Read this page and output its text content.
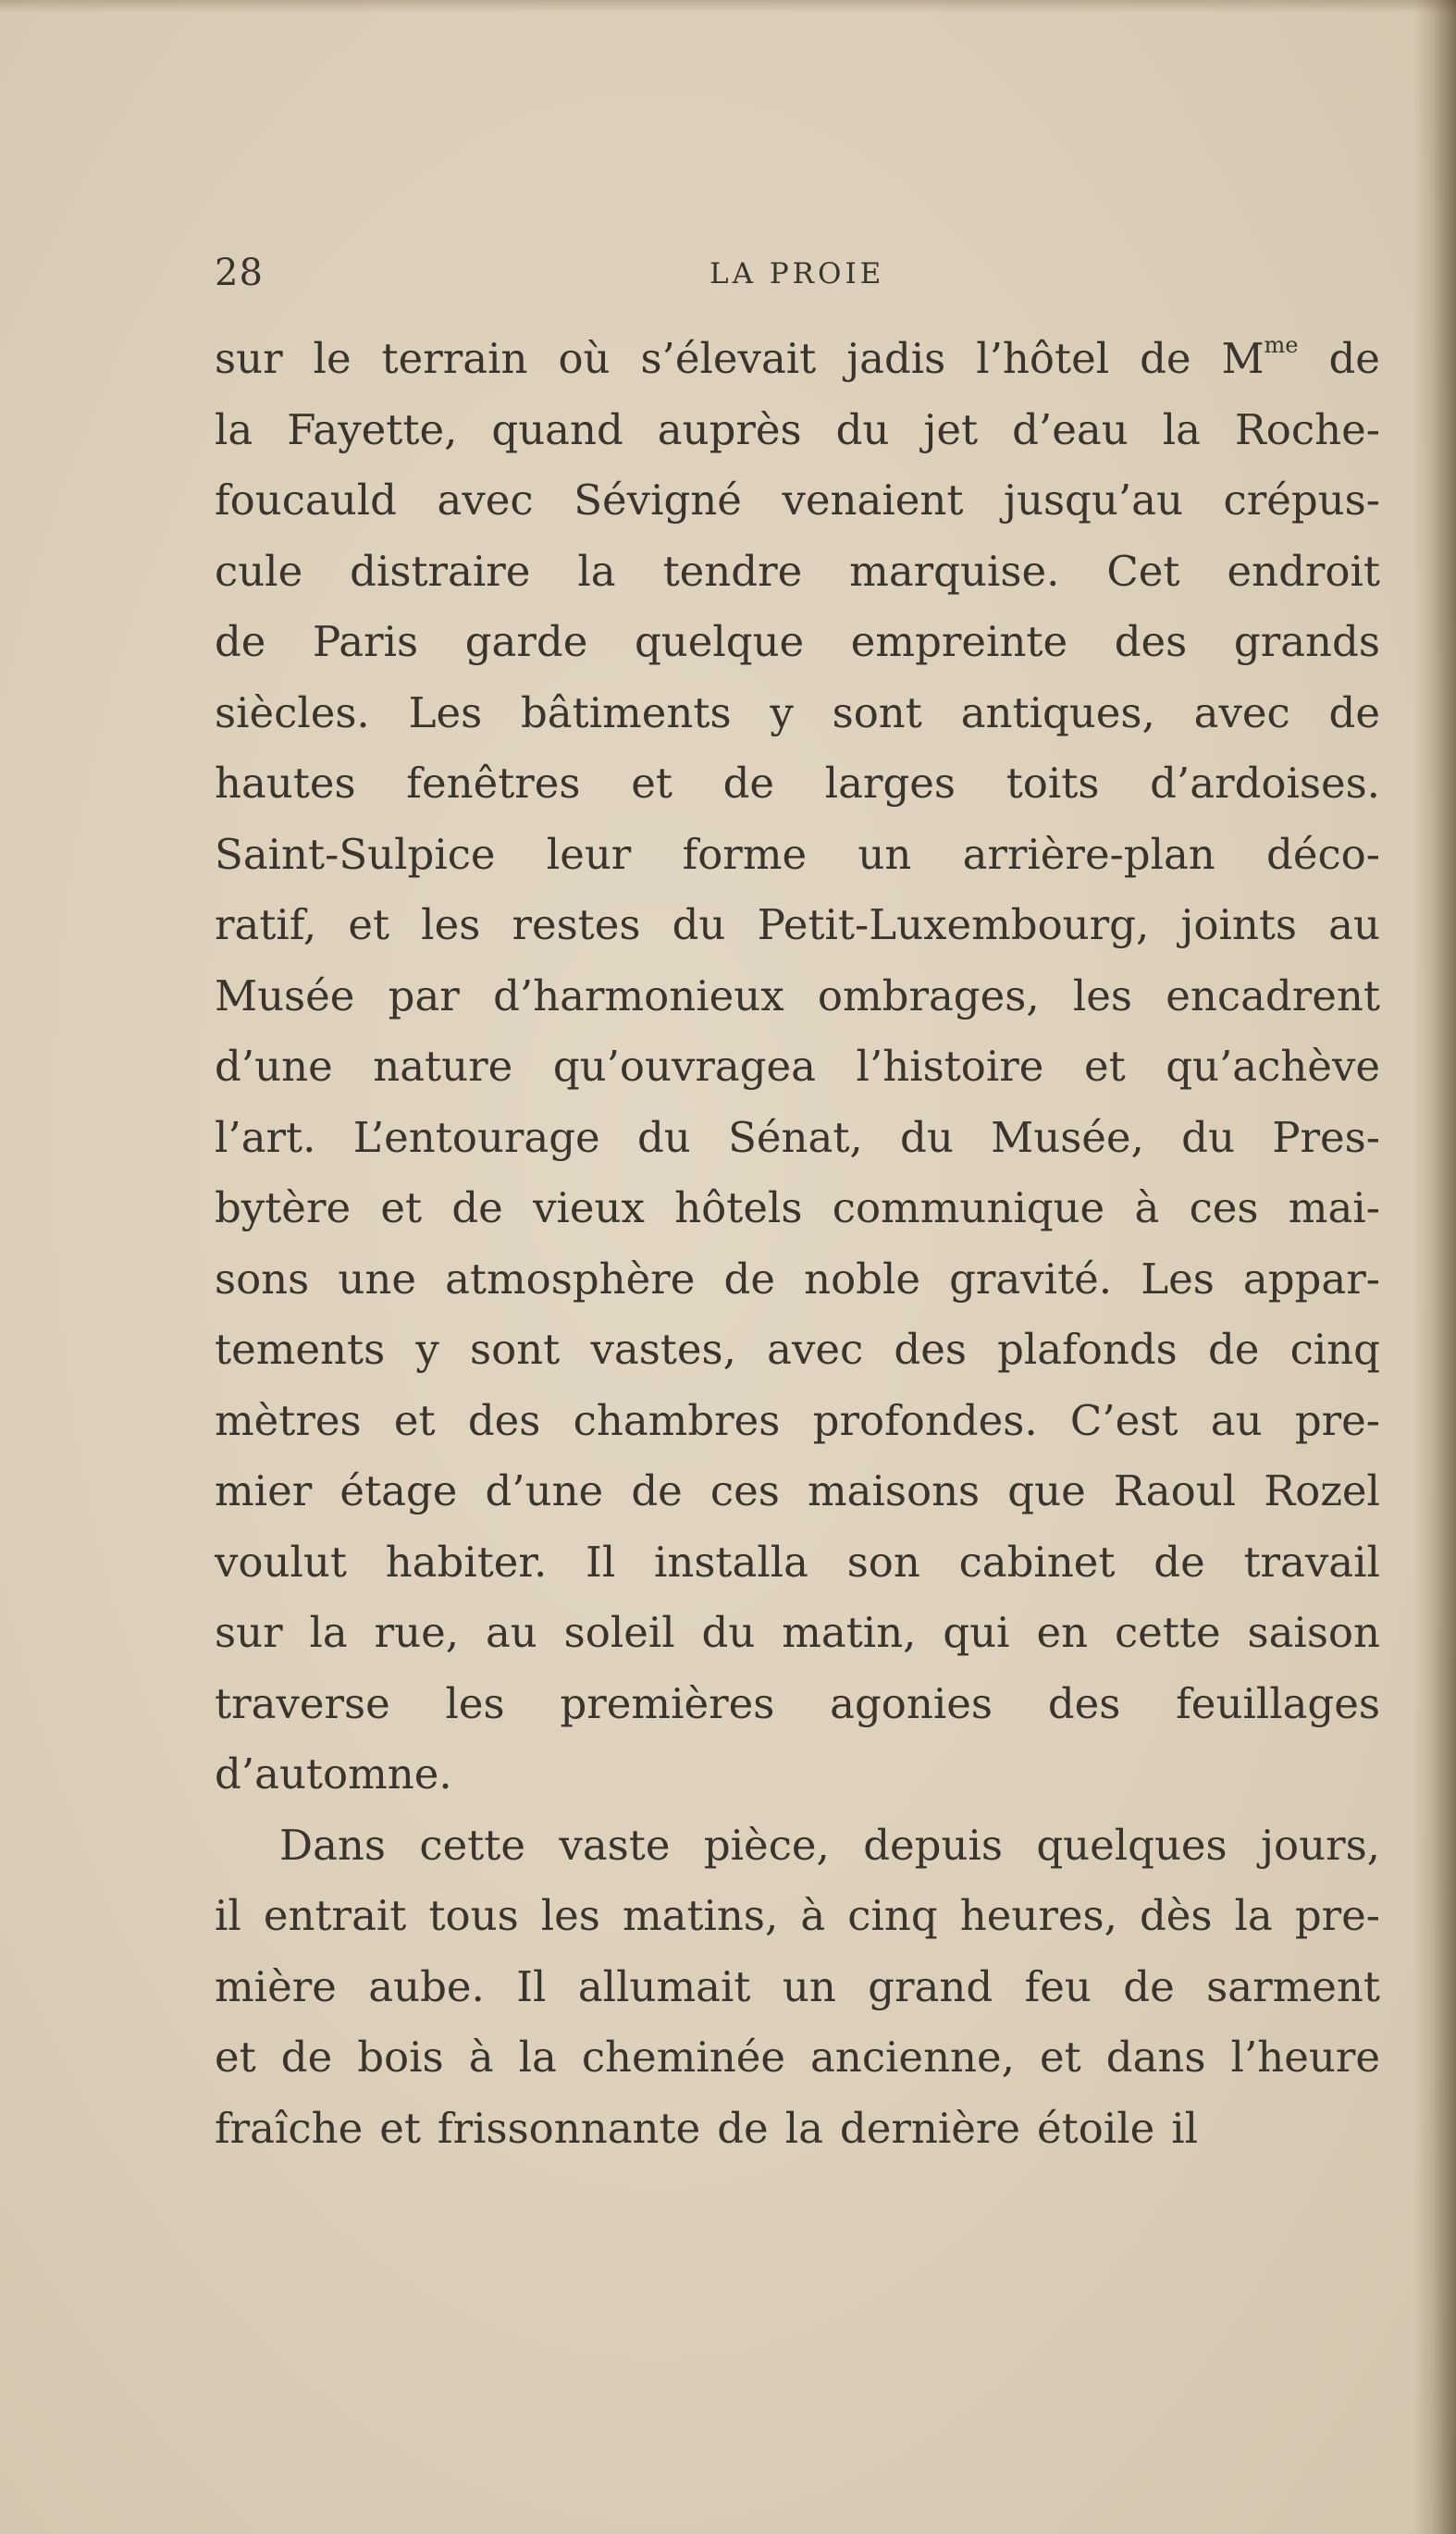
28	LA PROIE
sur le terrain où s’élevait jadis l’hôtel de $M^{me}$ de
la Fayette, quand auprès du jet d’eau la Roche-
foucauld avec Sévigné venaient jusqu’au crépus-
cule distraire la tendre marquise. Cet endroit
de Paris garde quelque empreinte des grands
siècles. Les bâtiments y sont antiques, avec de
hautes fenêtres et de larges toits d’ardoises.
Saint-Sulpice leur forme un arrière-plan déco-
ratif, et les restes du Petit-Luxembourg, joints au
Musée par d’harmonieux ombrages, les encadrent
d’une nature qu’ouvragea l’histoire et qu’achève
l’art. L’entourage du Sénat, du Musée, du Pres-
bytère et de vieux hôtels communique à ces mai-
sons une atmosphère de noble gravité. Les appar-
tements y sont vastes, avec des plafonds de cinq
mètres et des chambres profondes. C’est au pre-
mier étage d’une de ces maisons que Raoul Rozel
voulut habiter. Il installa son cabinet de travail
sur la rue, au soleil du matin, qui en cette saison
traverse les premières agonies des feuillages
d’automne.
Dans cette vaste pièce, depuis quelques jours,
il entrait tous les matins, à cinq heures, dès la pre-
mière aube. Il allumait un grand feu de sarment
et de bois à la cheminée ancienne, et dans l’heure
fraîche et frissonnante de la dernière étoile il
